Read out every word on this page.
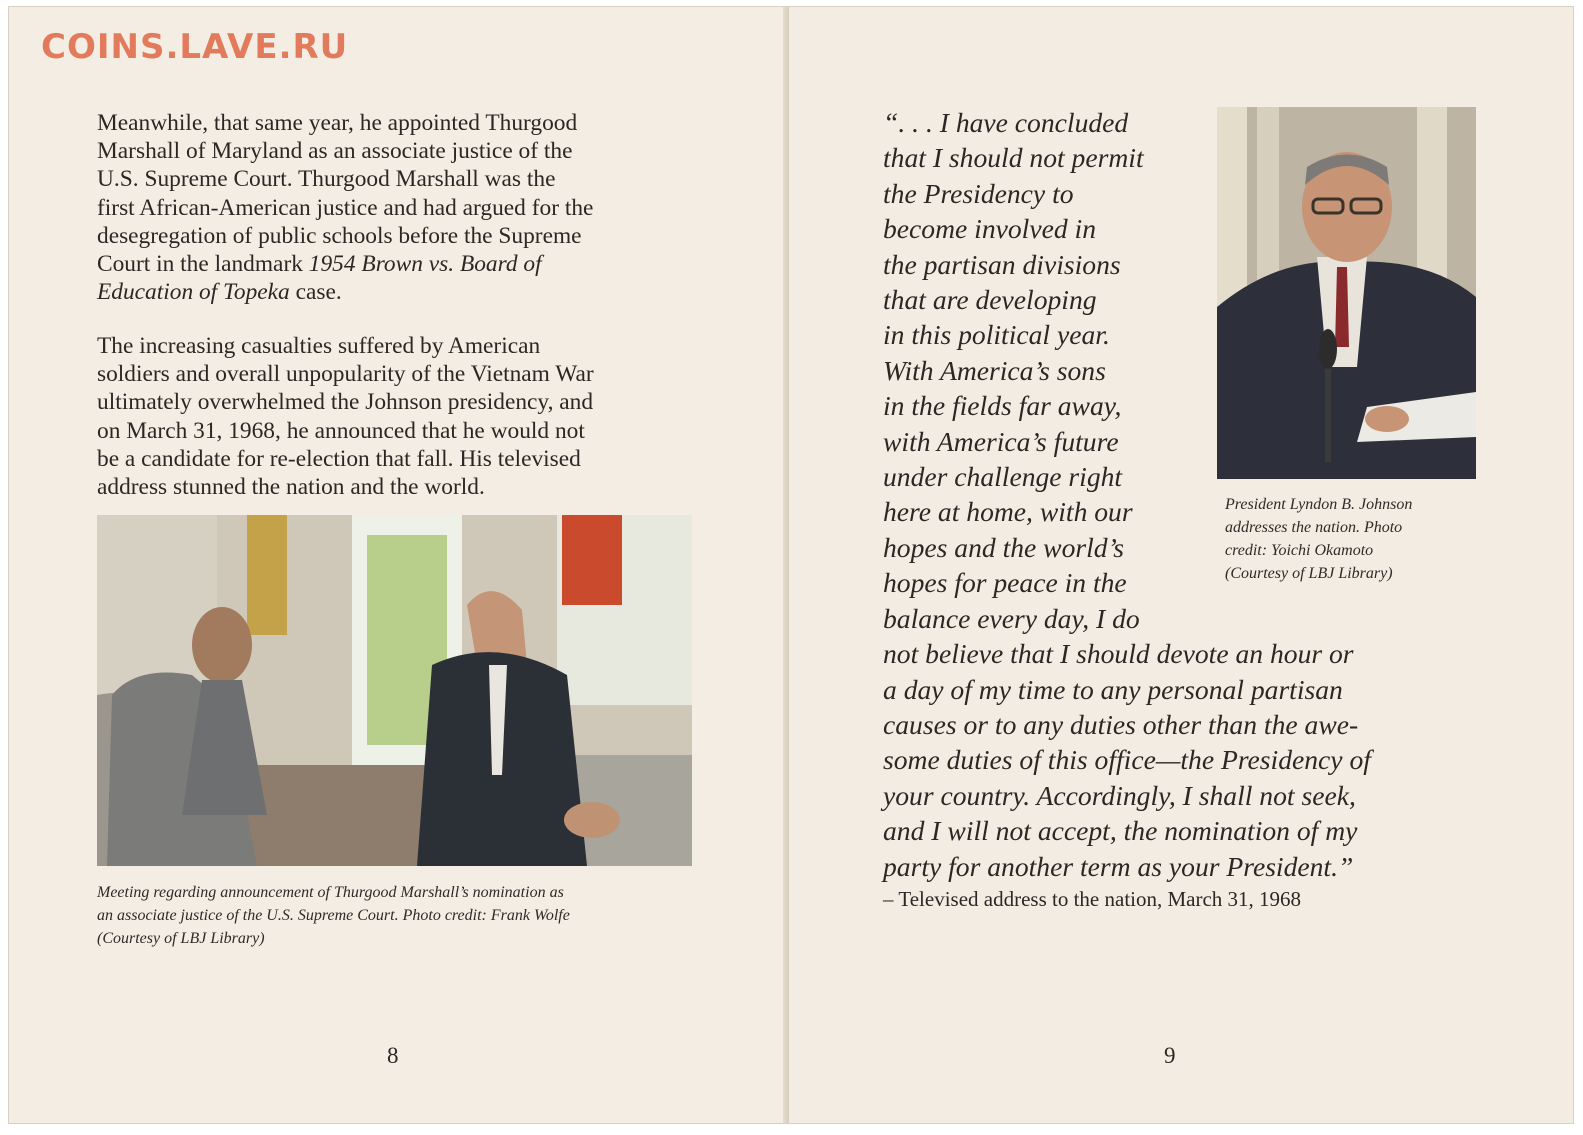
COINS.LAVE.RU

Meanwhile, that same year, he appointed Thurgood
Marshall of Maryland as an associate justice of the
U.S. Supreme Court. Thurgood Marshall was the
first African-American justice and had argued for the
desegregation of public schools before the Supreme
Court in the landmark 1954 Brown vs. Board of
Education of Topeka case.

The increasing casualties suffered by American
soldiers and overall unpopularity of the Vietnam War
ultimately overwhelmed the Johnson presidency, and
on March 31, 1968, he announced that he would not
be a candidate for re-election that fall. His televised
address stunned the nation and the world.

Meeting regarding announcement of Thurgood Marshall’s nomination as
an associate justice of the U.S. Supreme Court. Photo credit: Frank Wolfe
(Courtesy of LBJ Library)
8
“. . . I have concluded
that I should not permit
the Presidency to
become involved in
the partisan divisions
that are developing
in this political year.
With America’s sons
in the fields far away,
with America’s future
under challenge right
here at home, with our
hopes and the world’s
hopes for peace in the
balance every day, I do
not believe that I should devote an hour or
a day of my time to any personal partisan
causes or to any duties other than the awe-
some duties of this office—the Presidency of
your country. Accordingly, I shall not seek,
and I will not accept, the nomination of my
party for another term as your President.”
– Televised address to the nation, March 31, 1968
President Lyndon B. Johnson
addresses the nation. Photo
credit: Yoichi Okamoto
(Courtesy of LBJ Library)
9
